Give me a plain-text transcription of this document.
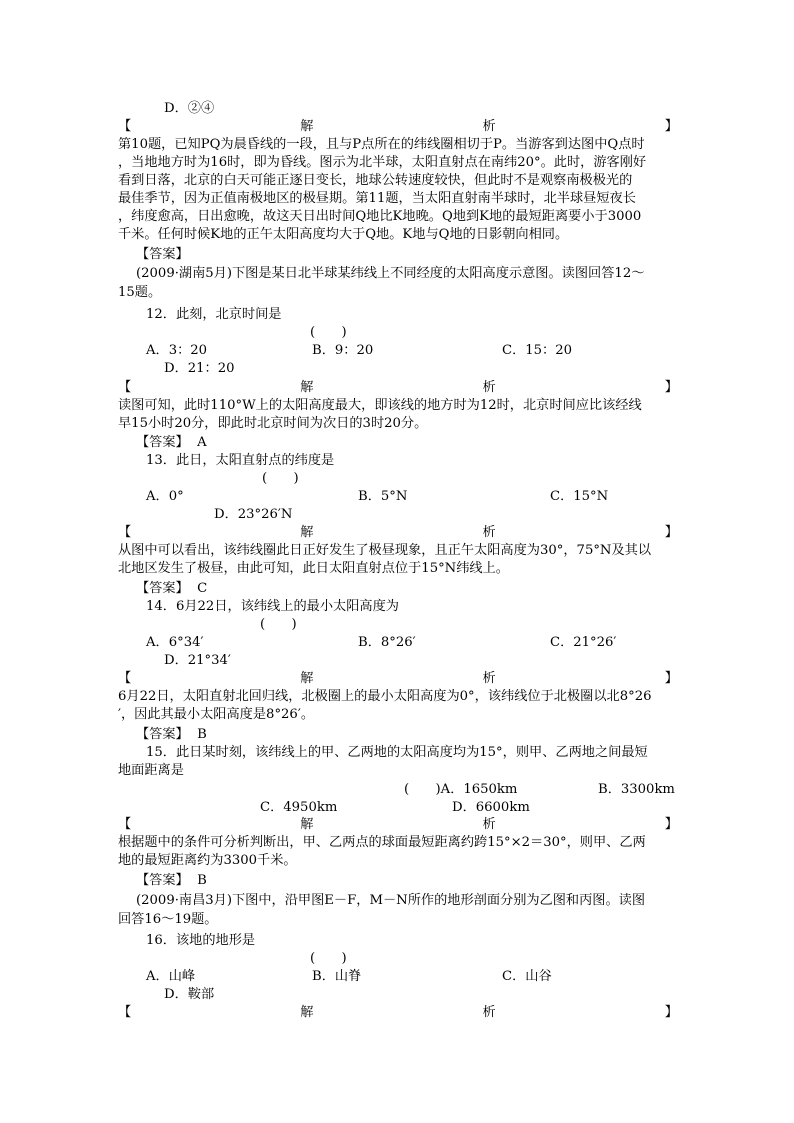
D．②④
【	解	析	】
第10题，已知PQ为晨昏线的一段，且与P点所在的纬线圈相切于P。当游客到达图中Q点时
，当地地方时为16时，即为昏线。图示为北半球，太阳直射点在南纬20°。此时，游客刚好
看到日落，北京的白天可能正逐日变长，地球公转速度较快，但此时不是观察南极极光的
最佳季节，因为正值南极地区的极昼期。第11题，当太阳直射南半球时，北半球昼短夜长
，纬度愈高，日出愈晚，故这天日出时间Q地比K地晚。Q地到K地的最短距离要小于3000
千米。任何时候K地的正午太阳高度均大于Q地。K地与Q地的日影朝向相同。
【答案】
(2009·湖南5月)下图是某日北半球某纬线上不同经度的太阳高度示意图。读图回答12～
15题。
12．此刻，北京时间是
(　　)
A．3：20	B．9：20	C．15：20
D．21：20
【	解	析	】
读图可知，此时110°W上的太阳高度最大，即该线的地方时为12时，北京时间应比该经线
早15小时20分，即此时北京时间为次日的3时20分。
【答案】 A
13．此日，太阳直射点的纬度是
(　　)
A．0°	B．5°N	C．15°N
D．23°26′N
【	解	析	】
从图中可以看出，该纬线圈此日正好发生了极昼现象，且正午太阳高度为30°，75°N及其以
北地区发生了极昼，由此可知，此日太阳直射点位于15°N纬线上。
【答案】 C
14．6月22日，该纬线上的最小太阳高度为
(　　)
A．6°34′	B．8°26′	C．21°26′
D．21°34′
【	解	析	】
6月22日，太阳直射北回归线，北极圈上的最小太阳高度为0°，该纬线位于北极圈以北8°26
′，因此其最小太阳高度是8°26′。
【答案】 B
15．此日某时刻，该纬线上的甲、乙两地的太阳高度均为15°，则甲、乙两地之间最短
地面距离是
(　　)A．1650km	B．3300km
C．4950km	D．6600km
【	解	析	】
根据题中的条件可分析判断出，甲、乙两点的球面最短距离约跨15°×2＝30°，则甲、乙两
地的最短距离约为3300千米。
【答案】 B
(2009·南昌3月)下图中，沿甲图E－F，M－N所作的地形剖面分别为乙图和丙图。读图
回答16～19题。
16．该地的地形是
(　　)
A．山峰	B．山脊	C．山谷
D．鞍部
【	解	析	】
